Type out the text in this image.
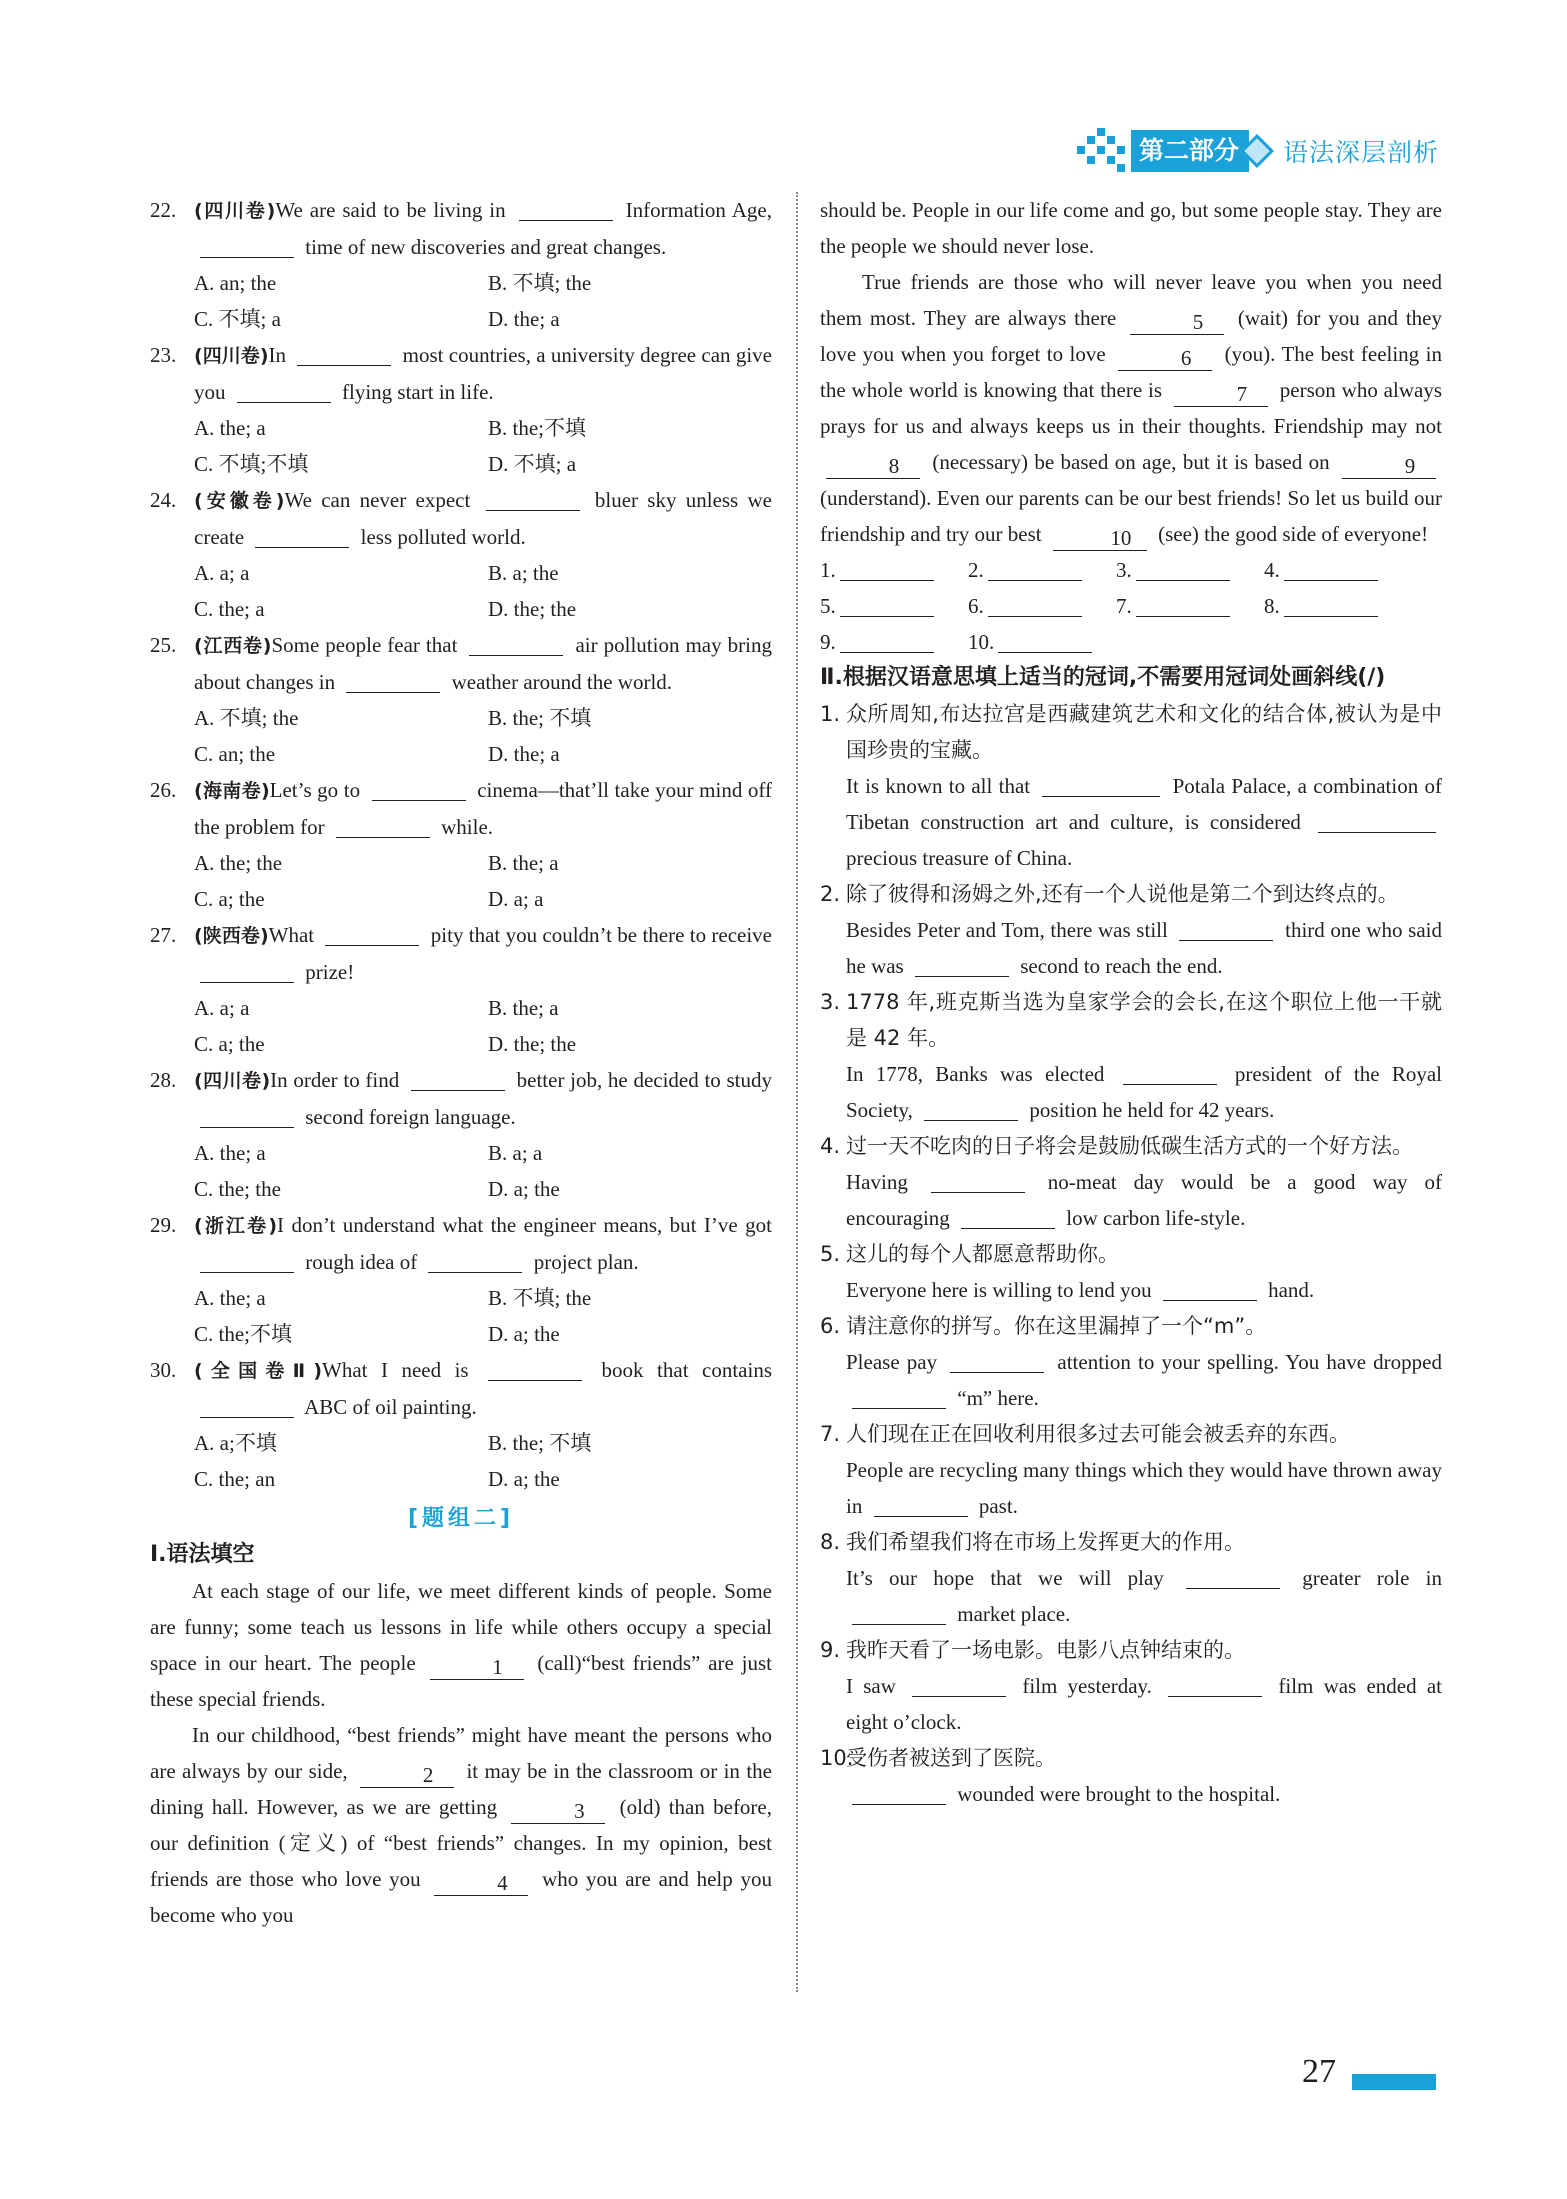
第二部分	语法深层剖析
22. (四川卷)We are said to be living in	Information Age,  time of new discoveries and great changes.
A. an; the	B. 不填; the
C. 不填; a	D. the; a
23. (四川卷)In	most countries, a university degree can give you	flying start in life.
A. the; a	B. the;不填
C. 不填;不填	D. 不填; a
24. (安徽卷)We can never expect	bluer sky unless we create	less polluted world.
A. a; a	B. a; the
C. the; a	D. the; the
25. (江西卷)Some people fear that	air pollution may bring about changes in	weather around the world.
A. 不填; the	B. the; 不填
C. an; the	D. the; a
26. (海南卷)Let’s go to	cinema—that’ll take your mind off the problem for	while.
A. the; the	B. the; a
C. a; the	D. a; a
27. (陕西卷)What	pity that you couldn’t be there to receive  prize!
A. a; a	B. the; a
C. a; the	D. the; the
28. (四川卷)In order to find	better job, he decided to study  second foreign language.
A. the; a	B. a; a
C. the; the	D. a; the
29. (浙江卷)I don’t understand what the engineer means, but I’ve got  rough idea of	project plan.
A. the; a	B. 不填; the
C. the;不填	D. a; the
30. (全国卷Ⅱ)What I need is	book that contains  ABC of oil painting.
A. a;不填	B. the; 不填
C. the; an	D. a; the
[题组二]
Ⅰ.语法填空
At each stage of our life, we meet different kinds of people. Some are funny; some teach us lessons in life while others occupy a special space in our heart. The people	1 (call)“best friends” are just these special friends.
In our childhood, “best friends” might have meant the persons who are always by our side,	2 it may be in the classroom or in the dining hall. However, as we are getting	3 (old) than before, our definition (定义) of “best friends” changes. In my opinion, best friends are those who love you	4 who you are and help you become who you
should be. People in our life come and go, but some people stay. They are the people we should never lose.
True friends are those who will never leave you when you need them most. They are always there	5 (wait) for you and they love you when you forget to love	6 (you). The best feeling in the whole world is knowing that there is	7 person who always prays for us and always keeps us in their thoughts. Friendship may not 8 (necessary) be based on age, but it is based on	9 (understand). Even our parents can be our best friends! So let us build our friendship and try our best	10 (see) the good side of everyone!
1.	2.	3.	4.
5.	6.	7.	8.
9.	10.
Ⅱ.根据汉语意思填上适当的冠词,不需要用冠词处画斜线(/)
1. 众所周知,布达拉宫是西藏建筑艺术和文化的结合体,被认为是中国珍贵的宝藏。
It is known to all that	Potala Palace, a combination of Tibetan construction art and culture, is considered  precious treasure of China.
2. 除了彼得和汤姆之外,还有一个人说他是第二个到达终点的。
Besides Peter and Tom, there was still	third one who said he was	second to reach the end.
3. 1778 年,班克斯当选为皇家学会的会长,在这个职位上他一干就是 42 年。
In 1778, Banks was elected	president of the Royal Society,	position he held for 42 years.
4. 过一天不吃肉的日子将会是鼓励低碳生活方式的一个好方法。
Having	no-meat day would be a good way of encouraging	low carbon life-style.
5. 这儿的每个人都愿意帮助你。
Everyone here is willing to lend you	hand.
6. 请注意你的拼写。你在这里漏掉了一个“m”。
Please pay	attention to your spelling. You have dropped  “m” here.
7. 人们现在正在回收利用很多过去可能会被丢弃的东西。
People are recycling many things which they would have thrown away in	past.
8. 我们希望我们将在市场上发挥更大的作用。
It’s our hope that we will play	greater role in  market place.
9. 我昨天看了一场电影。电影八点钟结束的。
I saw	film yesterday.	film was ended at eight o’clock.
10.
受伤者被送到了医院。
wounded were brought to the hospital.
27
